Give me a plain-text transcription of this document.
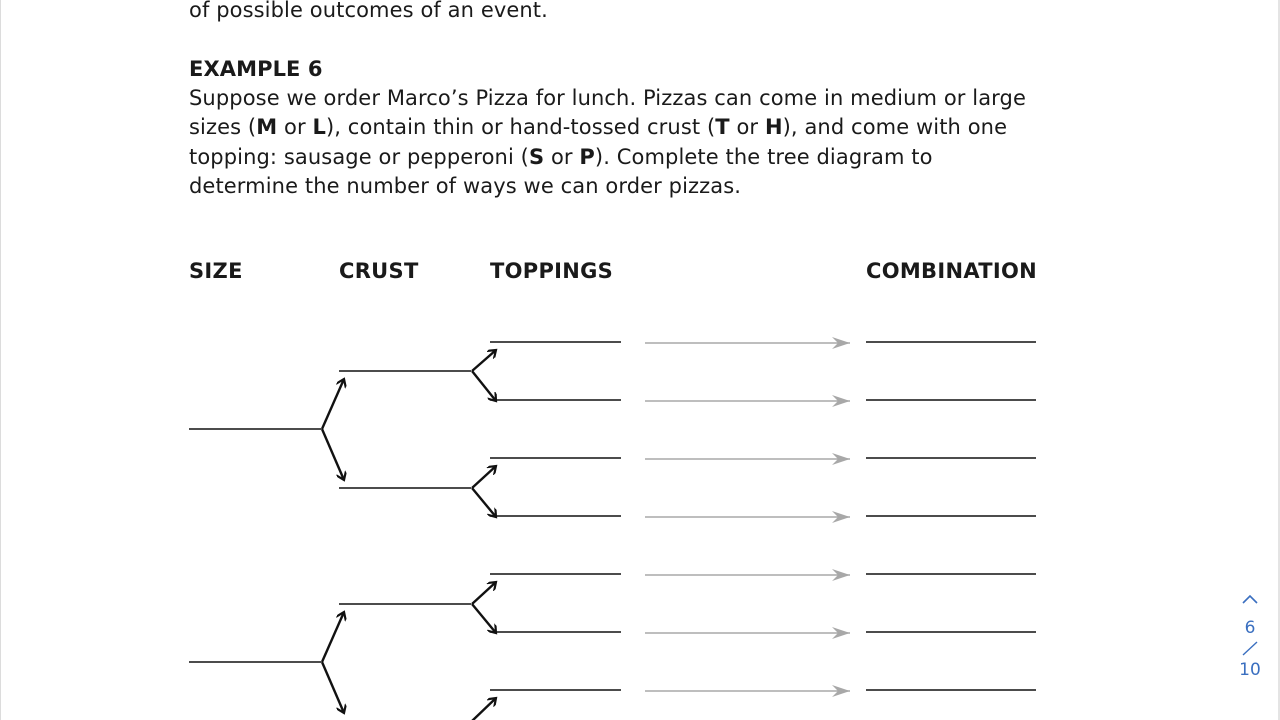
of possible outcomes of an event.
EXAMPLE 6
Suppose we order Marco’s Pizza for lunch. Pizzas can come in medium or large
sizes (M or L), contain thin or hand-tossed crust (T or H), and come with one
topping: sausage or pepperoni (S or P). Complete the tree diagram to
determine the number of ways we can order pizzas.
SIZE	CRUST	TOPPINGS	COMBINATION
6
10
